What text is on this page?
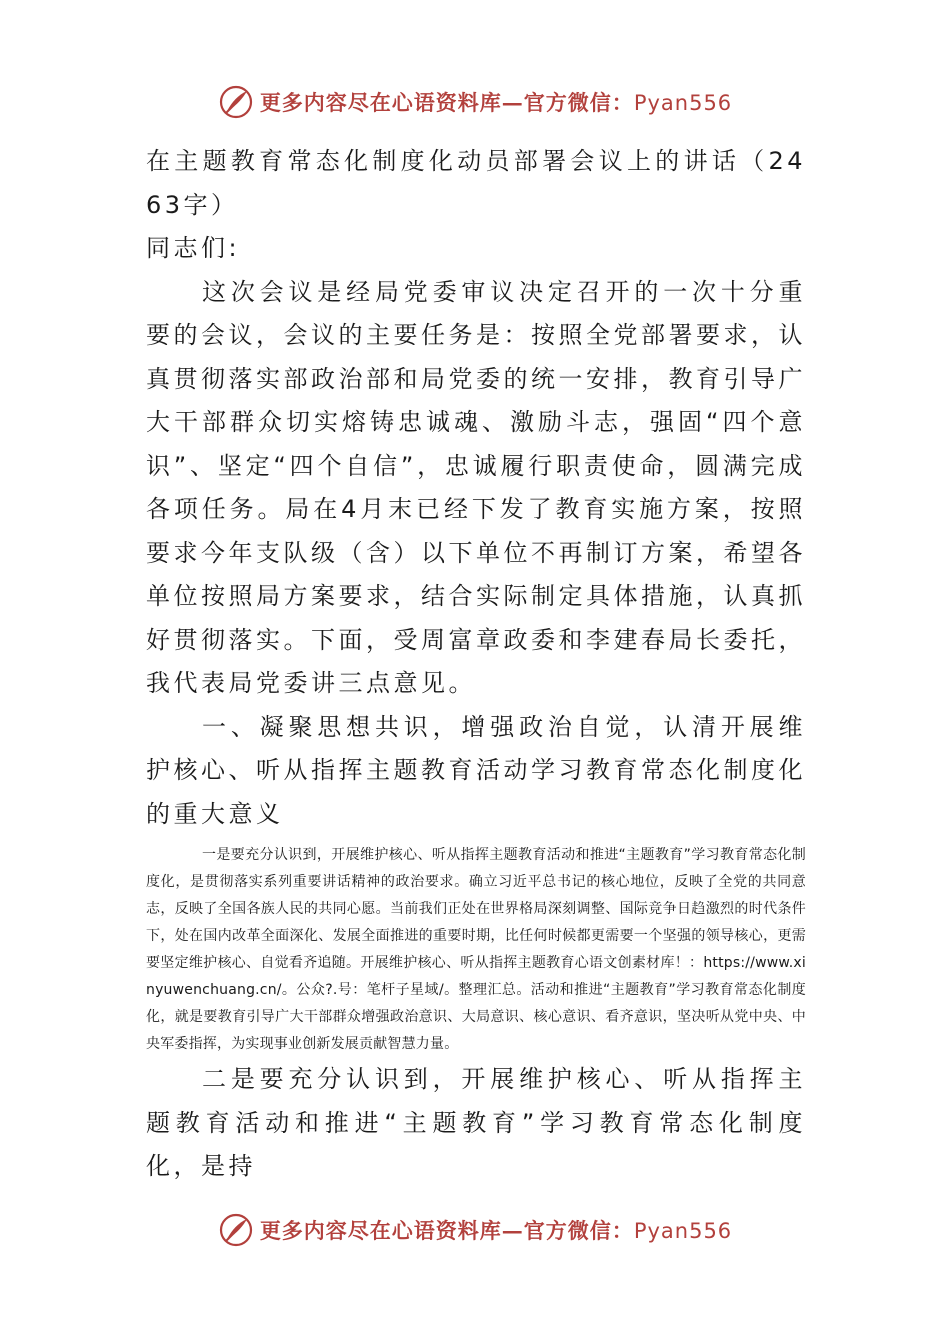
更多内容尽在心语资料库—官方微信：Pyan556

在主题教育常态化制度化动员部署会议上的讲话（2463字）

同志们:

这次会议是经局党委审议决定召开的一次十分重要的会议，会议的主要任务是：按照全党部署要求，认真贯彻落实部政治部和局党委的统一安排，教育引导广大干部群众切实熔铸忠诚魂、激励斗志，强固“四个意识”、坚定“四个自信”，忠诚履行职责使命，圆满完成各项任务。局在4月末已经下发了教育实施方案，按照要求今年支队级（含）以下单位不再制订方案，希望各单位按照局方案要求，结合实际制定具体措施，认真抓好贯彻落实。下面，受周富章政委和李建春局长委托，我代表局党委讲三点意见。

一、凝聚思想共识，增强政治自觉，认清开展维护核心、听从指挥主题教育活动学习教育常态化制度化的重大意义

一是要充分认识到，开展维护核心、听从指挥主题教育活动和推进“主题教育”学习教育常态化制度化，是贯彻落实系列重要讲话精神的政治要求。确立习近平总书记的核心地位，反映了全党的共同意志，反映了全国各族人民的共同心愿。当前我们正处在世界格局深刻调整、国际竞争日趋激烈的时代条件下，处在国内改革全面深化、发展全面推进的重要时期，比任何时候都更需要一个坚强的领导核心，更需要坚定维护核心、自觉看齐追随。开展维护核心、听从指挥主题教育心语文创素材库！：https://www.xinyuwenchuang.cn/。公众?.号：笔杆子星域/。整理汇总。活动和推进“主题教育”学习教育常态化制度化，就是要教育引导广大干部群众增强政治意识、大局意识、核心意识、看齐意识，坚决听从党中央、中央军委指挥，为实现事业创新发展贡献智慧力量。

二是要充分认识到，开展维护核心、听从指挥主题教育活动和推进“主题教育”学习教育常态化制度化，是持

更多内容尽在心语资料库—官方微信：Pyan556
